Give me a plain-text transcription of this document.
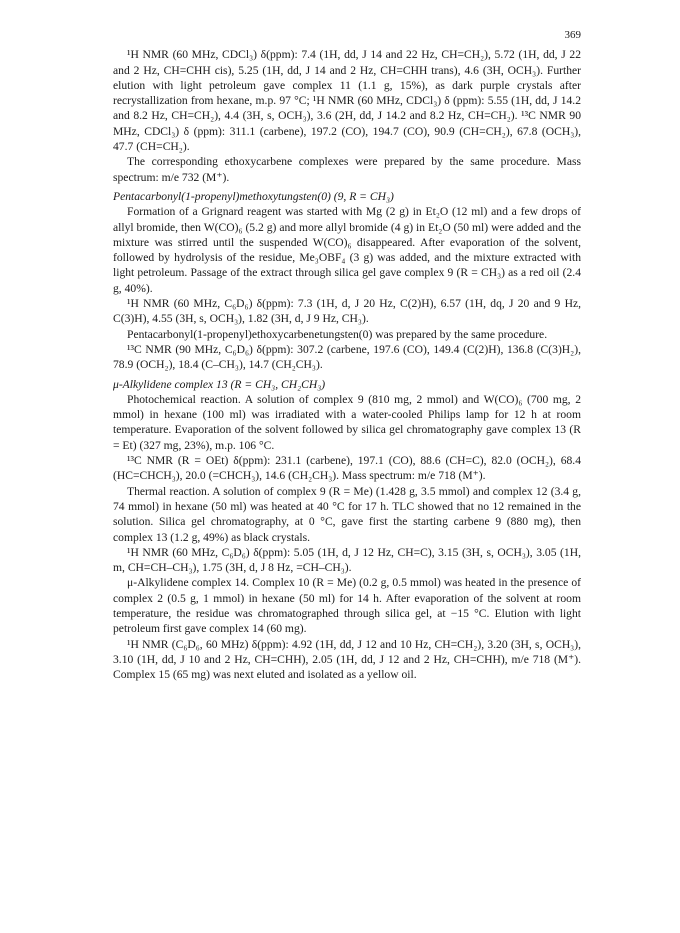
369

¹H NMR (60 MHz, CDCl₃) δ(ppm): 7.4 (1H, dd, J 14 and 22 Hz, CH=CH₂), 5.72 (1H, dd, J 22 and 2 Hz, CH=CHH cis), 5.25 (1H, dd, J 14 and 2 Hz, CH=CHH trans), 4.6 (3H, OCH₃). Further elution with light petroleum gave complex 11 (1.1 g, 15%), as dark purple crystals after recrystallization from hexane, m.p. 97 °C; ¹H NMR (60 MHz, CDCl₃) δ (ppm): 5.55 (1H, dd, J 14.2 and 8.2 Hz, CH=CH₂), 4.4 (3H, s, OCH₃), 3.6 (2H, dd, J 14.2 and 8.2 Hz, CH=CH₂). ¹³C NMR 90 MHz, CDCl₃) δ (ppm): 311.1 (carbene), 197.2 (CO), 194.7 (CO), 90.9 (CH=CH₂), 67.8 (OCH₃), 47.7 (CH=CH₂).

The corresponding ethoxycarbene complexes were prepared by the same procedure. Mass spectrum: m/e 732 (M⁺).

Pentacarbonyl(1-propenyl)methoxytungsten(0) (9, R = CH₃)

Formation of a Grignard reagent was started with Mg (2 g) in Et₂O (12 ml) and a few drops of allyl bromide, then W(CO)₆ (5.2 g) and more allyl bromide (4 g) in Et₂O (50 ml) were added and the mixture was stirred until the suspended W(CO)₆ disappeared. After evaporation of the solvent, followed by hydrolysis of the residue, Me₃OBF₄ (3 g) was added, and the mixture extracted with light petroleum. Passage of the extract through silica gel gave complex 9 (R = CH₃) as a red oil (2.4 g, 40%).

¹H NMR (60 MHz, C₆D₆) δ(ppm): 7.3 (1H, d, J 20 Hz, C(2)H), 6.57 (1H, dq, J 20 and 9 Hz, C(3)H), 4.55 (3H, s, OCH₃), 1.82 (3H, d, J 9 Hz, CH₃).

Pentacarbonyl(1-propenyl)ethoxycarbenetungsten(0) was prepared by the same procedure.

¹³C NMR (90 MHz, C₆D₆) δ(ppm): 307.2 (carbene, 197.6 (CO), 149.4 (C(2)H), 136.8 (C(3)H₂), 78.9 (OCH₂), 18.4 (C–CH₃), 14.7 (CH₂CH₃).

μ-Alkylidene complex 13 (R = CH₃, CH₂CH₃)

Photochemical reaction. A solution of complex 9 (810 mg, 2 mmol) and W(CO)₆ (700 mg, 2 mmol) in hexane (100 ml) was irradiated with a water-cooled Philips lamp for 12 h at room temperature. Evaporation of the solvent followed by silica gel chromatography gave complex 13 (R = Et) (327 mg, 23%), m.p. 106 °C.

¹³C NMR (R = OEt) δ(ppm): 231.1 (carbene), 197.1 (CO), 88.6 (CH=C), 82.0 (OCH₂), 68.4 (HC=CHCH₃), 20.0 (=CHCH₃), 14.6 (CH₂CH₃). Mass spectrum: m/e 718 (M⁺).

Thermal reaction. A solution of complex 9 (R = Me) (1.428 g, 3.5 mmol) and complex 12 (3.4 g, 74 mmol) in hexane (50 ml) was heated at 40 °C for 17 h. TLC showed that no 12 remained in the solution. Silica gel chromatography, at 0 °C, gave first the starting carbene 9 (880 mg), then complex 13 (1.2 g, 49%) as black crystals.

¹H NMR (60 MHz, C₆D₆) δ(ppm): 5.05 (1H, d, J 12 Hz, CH=C), 3.15 (3H, s, OCH₃), 3.05 (1H, m, CH=CH–CH₃), 1.75 (3H, d, J 8 Hz, =CH–CH₃).

μ-Alkylidene complex 14. Complex 10 (R = Me) (0.2 g, 0.5 mmol) was heated in the presence of complex 2 (0.5 g, 1 mmol) in hexane (50 ml) for 14 h. After evaporation of the solvent at room temperature, the residue was chromatographed through silica gel, at −15 °C. Elution with light petroleum first gave complex 14 (60 mg).

¹H NMR (C₆D₆, 60 MHz) δ(ppm): 4.92 (1H, dd, J 12 and 10 Hz, CH=CH₂), 3.20 (3H, s, OCH₃), 3.10 (1H, dd, J 10 and 2 Hz, CH=CHH), 2.05 (1H, dd, J 12 and 2 Hz, CH=CHH), m/e 718 (M⁺). Complex 15 (65 mg) was next eluted and isolated as a yellow oil.
